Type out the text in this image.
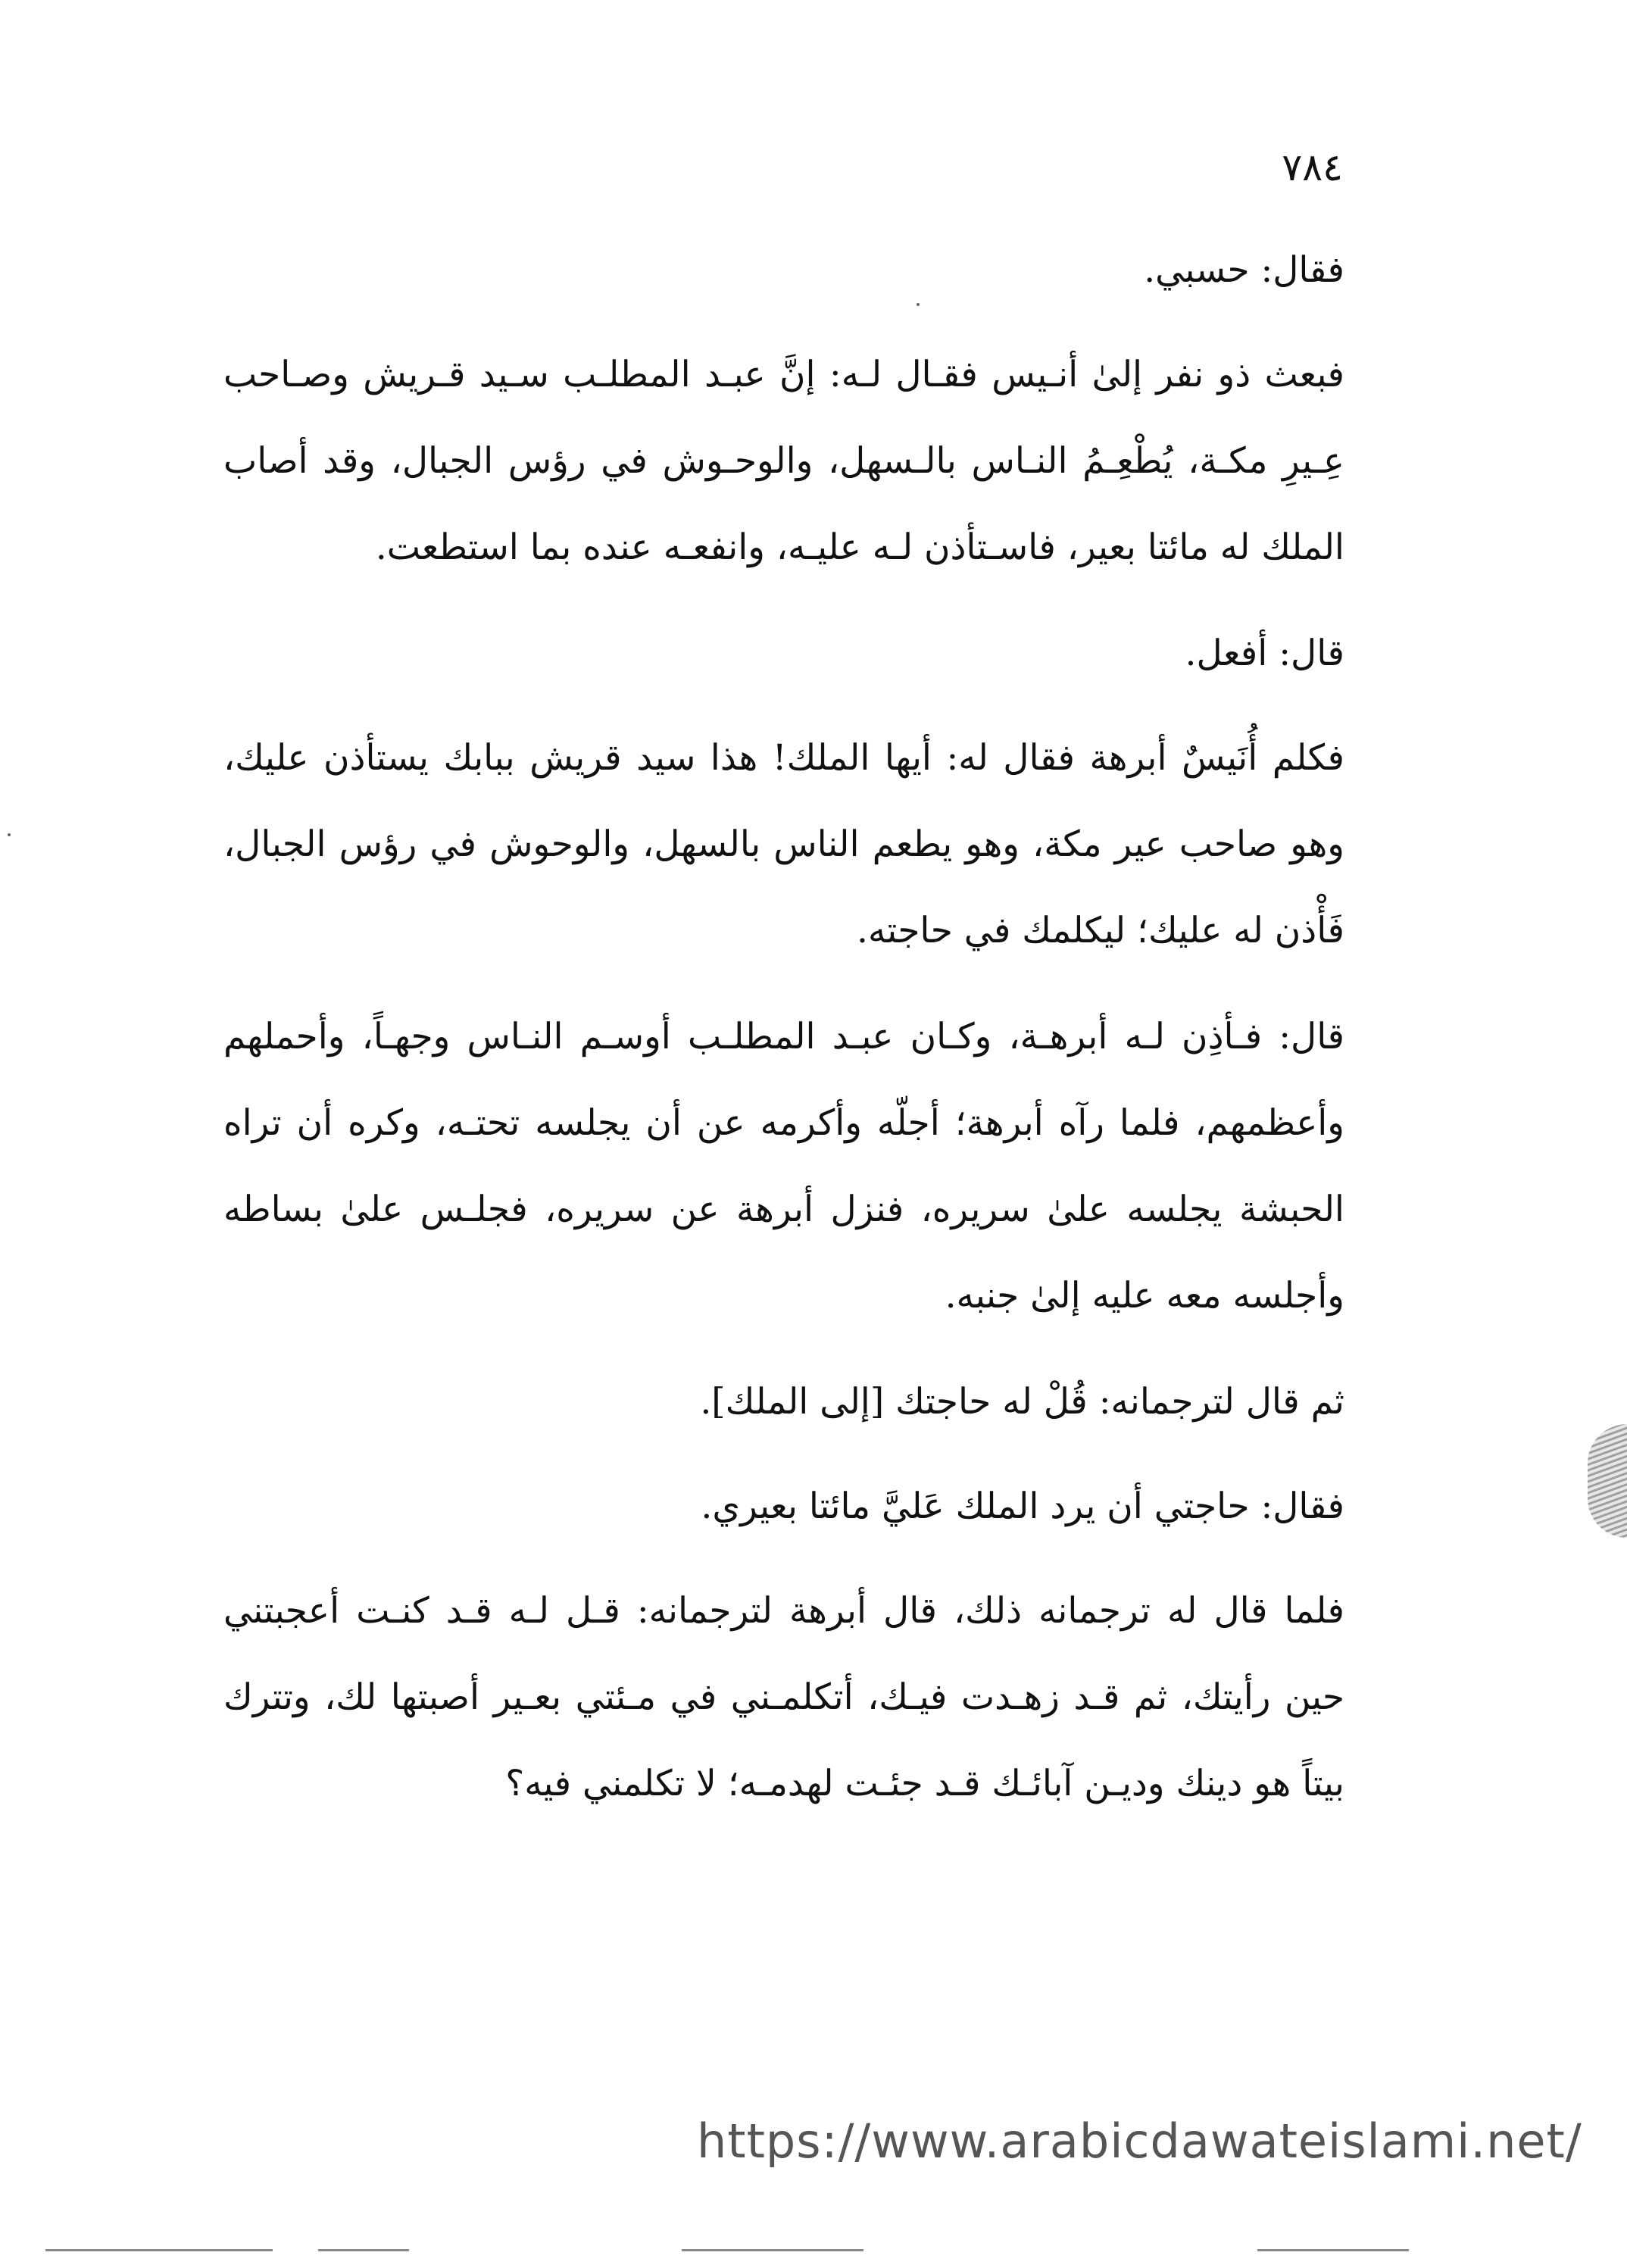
٧٨٤

فقال: حسبي.

فبعث ذو نفر إلىٰ أنـيس فقـال لـه: إنَّ عبـد المطلـب سـيد قـريش وصـاحب عِـيرِ مكـة، يُطْعِـمُ النـاس بالـسهل، والوحـوش في رؤس الجبال، وقد أصاب الملك له مائتا بعير، فاسـتأذن لـه عليـه، وانفعـه عنده بما استطعت.

قال: أفعل.

فكلم أُنَيسٌ أبرهة فقال له: أيها الملك! هذا سيد قريش ببابك يستأذن عليك، وهو صاحب عير مكة، وهو يطعم الناس بالسهل، والوحوش في رؤس الجبال، فَأْذن له عليك؛ ليكلمك في حاجته.

قال: فـأذِن لـه أبرهـة، وكـان عبـد المطلـب أوسـم النـاس وجهـاً، وأحملهم وأعظمهم، فلما رآه أبرهة؛ أجلّه وأكرمه عن أن يجلسه تحتـه، وكره أن تراه الحبشة يجلسه علىٰ سريره، فنزل أبرهة عن سريره، فجلـس علىٰ بساطه وأجلسه معه عليه إلىٰ جنبه.

ثم قال لترجمانه: قُلْ له حاجتك [إلى الملك].

فقال: حاجتي أن يرد الملك عَليَّ مائتا بعيري.

فلما قال له ترجمانه ذلك، قال أبرهة لترجمانه: قـل لـه قـد كنـت أعجبتني حين رأيتك، ثم قـد زهـدت فيـك، أتكلمـني في مـئتي بعـير أصبتها لك، وتترك بيتاً هو دينك وديـن آبائـك قـد جئـت لهدمـه؛ لا تكلمني فيه؟

https://www.arabicdawateislami.net/
